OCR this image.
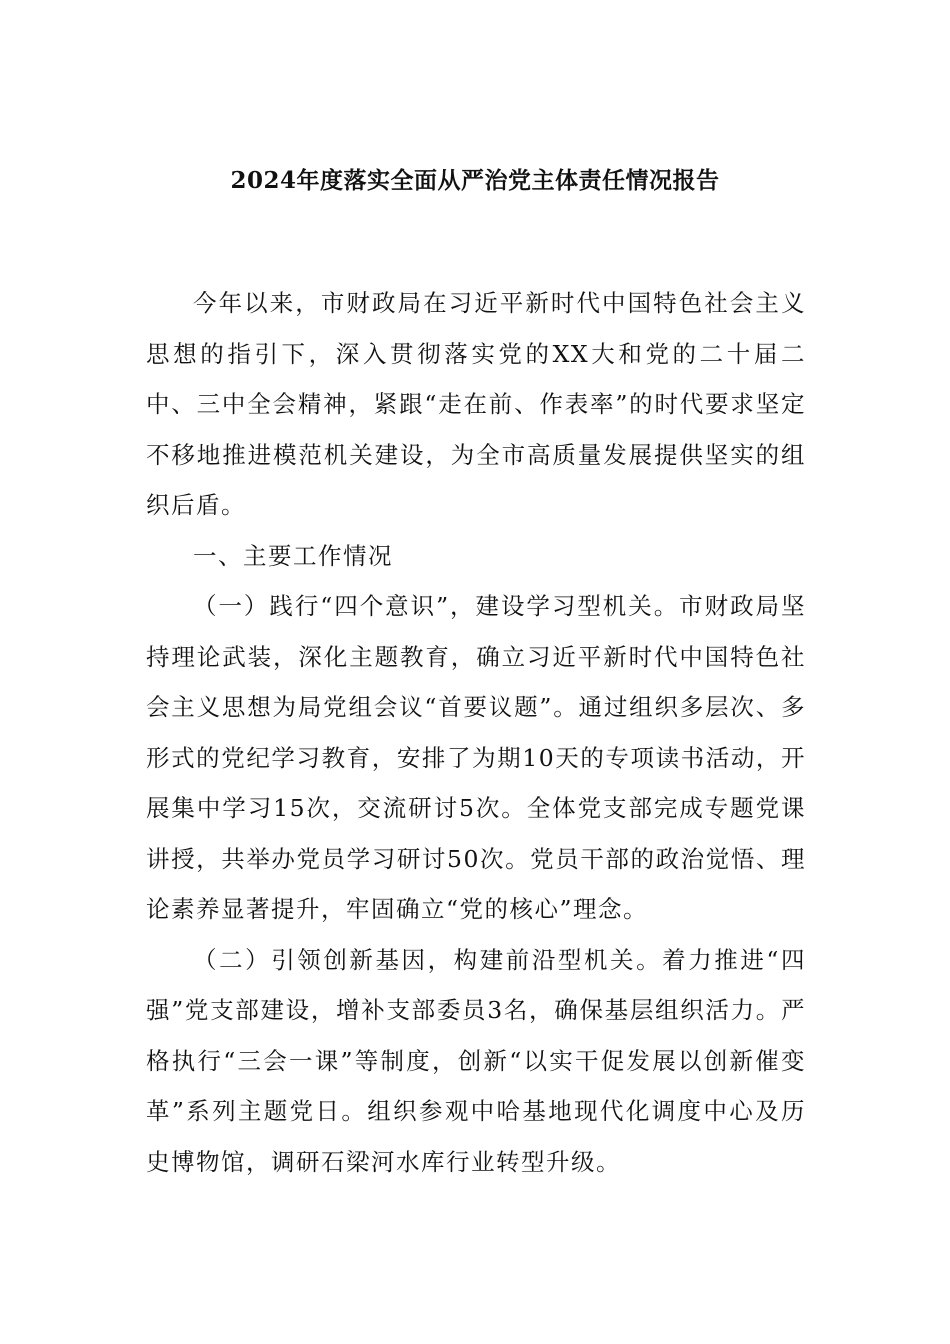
2024年度落实全面从严治党主体责任情况报告

今年以来，市财政局在习近平新时代中国特色社会主义思想的指引下，深入贯彻落实党的XX大和党的二十届二中、三中全会精神，紧跟“走在前、作表率”的时代要求坚定不移地推进模范机关建设，为全市高质量发展提供坚实的组织后盾。

一、主要工作情况

（一）践行“四个意识”，建设学习型机关。市财政局坚持理论武装，深化主题教育，确立习近平新时代中国特色社会主义思想为局党组会议“首要议题”。通过组织多层次、多形式的党纪学习教育，安排了为期10天的专项读书活动，开展集中学习15次，交流研讨5次。全体党支部完成专题党课讲授，共举办党员学习研讨50次。党员干部的政治觉悟、理论素养显著提升，牢固确立“党的核心”理念。

（二）引领创新基因，构建前沿型机关。着力推进“四强”党支部建设，增补支部委员3名，确保基层组织活力。严格执行“三会一课”等制度，创新“以实干促发展以创新催变革”系列主题党日。组织参观中哈基地现代化调度中心及历史博物馆，调研石梁河水库行业转型升级。
